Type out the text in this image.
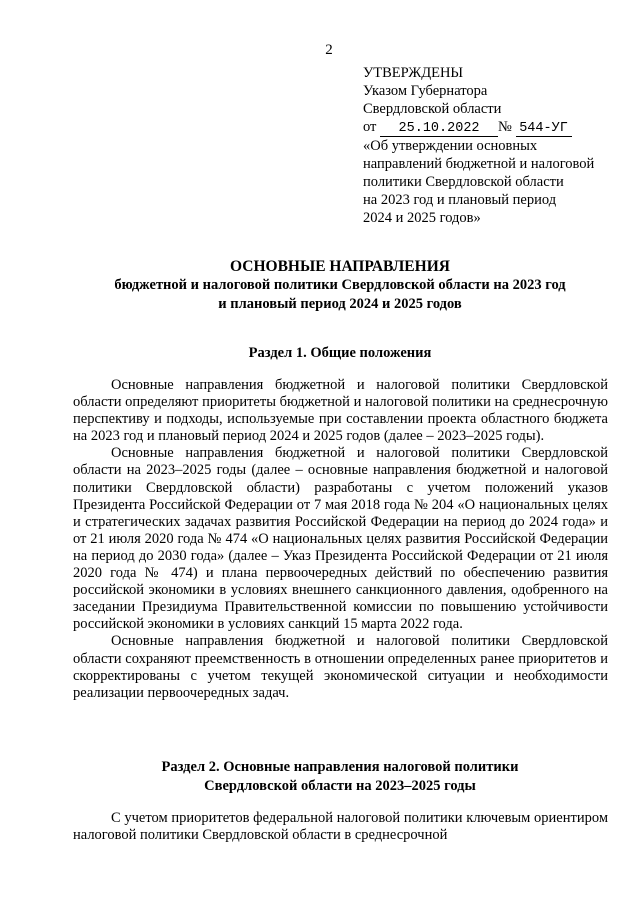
2
УТВЕРЖДЕНЫ
Указом Губернатора
Свердловской области
от 25.10.2022 № 544-УГ
«Об утверждении основных
направлений бюджетной и налоговой
политики Свердловской области
на 2023 год и плановый период
2024 и 2025 годов»
ОСНОВНЫЕ НАПРАВЛЕНИЯ
бюджетной и налоговой политики Свердловской области на 2023 год
и плановый период 2024 и 2025 годов
Раздел 1. Общие положения

Основные направления бюджетной и налоговой политики Свердловской области определяют приоритеты бюджетной и налоговой политики на среднесрочную перспективу и подходы, используемые при составлении проекта областного бюджета на 2023 год и плановый период 2024 и 2025 годов (далее – 2023–2025 годы).

Основные направления бюджетной и налоговой политики Свердловской области на 2023–2025 годы (далее – основные направления бюджетной и налоговой политики Свердловской области) разработаны с учетом положений указов Президента Российской Федерации от 7 мая 2018 года № 204 «О национальных целях и стратегических задачах развития Российской Федерации на период до 2024 года» и от 21 июля 2020 года № 474 «О национальных целях развития Российской Федерации на период до 2030 года» (далее – Указ Президента Российской Федерации от 21 июля 2020 года № 474) и плана первоочередных действий по обеспечению развития российской экономики в условиях внешнего санкционного давления, одобренного на заседании Президиума Правительственной комиссии по повышению устойчивости российской экономики в условиях санкций 15 марта 2022 года.

Основные направления бюджетной и налоговой политики Свердловской области сохраняют преемственность в отношении определенных ранее приоритетов и скорректированы с учетом текущей экономической ситуации и необходимости реализации первоочередных задач.

Раздел 2. Основные направления налоговой политики
Свердловской области на 2023–2025 годы

С учетом приоритетов федеральной налоговой политики ключевым ориентиром налоговой политики Свердловской области в среднесрочной
